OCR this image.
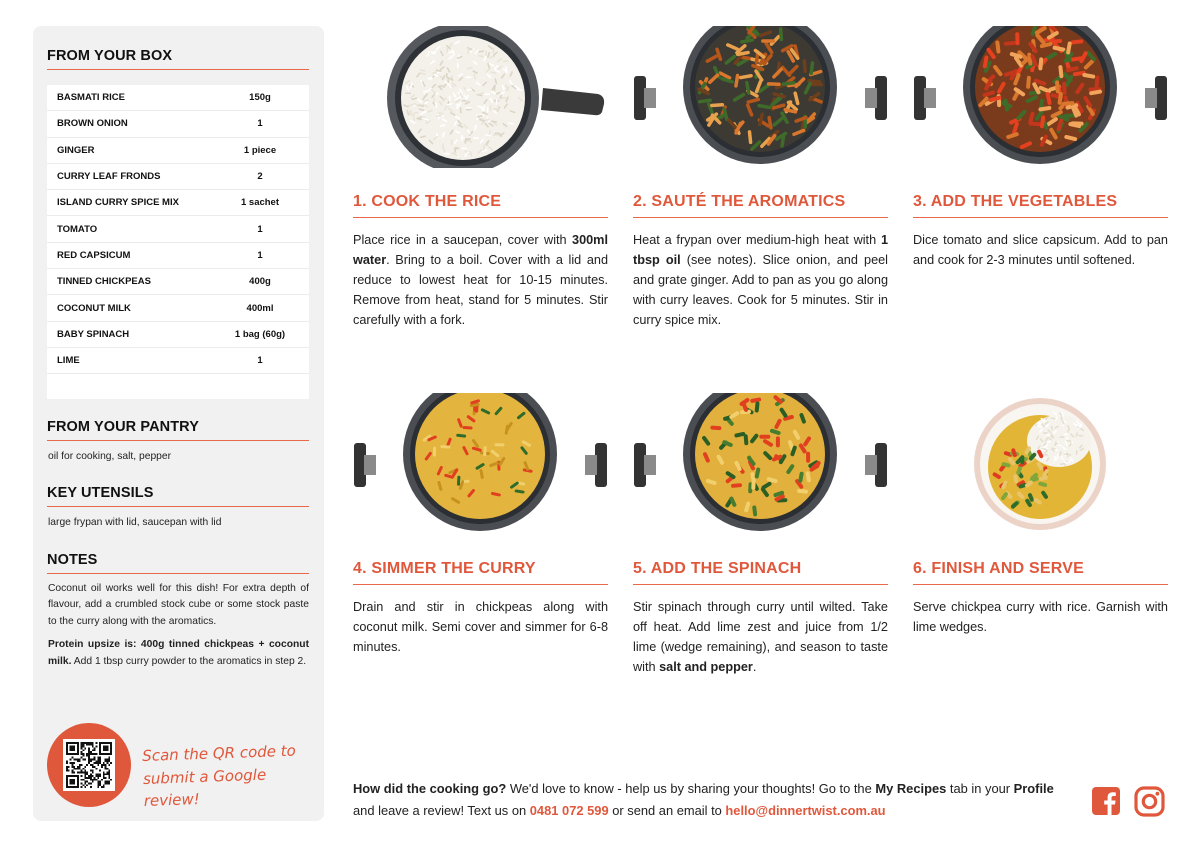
FROM YOUR BOX
BASMATI RICE	150g
BROWN ONION	1
GINGER	1 piece
CURRY LEAF FRONDS	2
ISLAND CURRY SPICE MIX	1 sachet
TOMATO	1
RED CAPSICUM	1
TINNED CHICKPEAS	400g
COCONUT MILK	400ml
BABY SPINACH	1 bag (60g)
LIME	1
FROM YOUR PANTRY
oil for cooking, salt, pepper
KEY UTENSILS
large frypan with lid, saucepan with lid
NOTES

Coconut oil works well for this dish! For extra depth of flavour, add a crumbled stock cube or some stock paste to the curry along with the aromatics.

Protein upsize is: 400g tinned chickpeas + coconut milk. Add 1 tbsp curry powder to the aromatics in step 2.

Scan the QR code to
submit a Google review!
1. COOK THE RICE
Place rice in a saucepan, cover with 300ml water. Bring to a boil. Cover with a lid and reduce to lowest heat for 10-15 minutes. Remove from heat, stand for 5 minutes. Stir carefully with a fork.
2. SAUTÉ THE AROMATICS
Heat a frypan over medium-high heat with 1 tbsp oil (see notes). Slice onion, and peel and grate ginger. Add to pan as you go along with curry leaves. Cook for 5 minutes. Stir in curry spice mix.
3. ADD THE VEGETABLES
Dice tomato and slice capsicum. Add to pan and cook for 2-3 minutes until softened.
4. SIMMER THE CURRY
Drain and stir in chickpeas along with coconut milk. Semi cover and simmer for 6-8 minutes.
5. ADD THE SPINACH
Stir spinach through curry until wilted. Take off heat. Add lime zest and juice from 1/2 lime (wedge remaining), and season to taste with salt and pepper.
6. FINISH AND SERVE
Serve chickpea curry with rice. Garnish with lime wedges.
How did the cooking go? We'd love to know - help us by sharing your thoughts! Go to the My Recipes tab in your Profile and leave a review! Text us on 0481 072 599 or send an email to hello@dinnertwist.com.au
